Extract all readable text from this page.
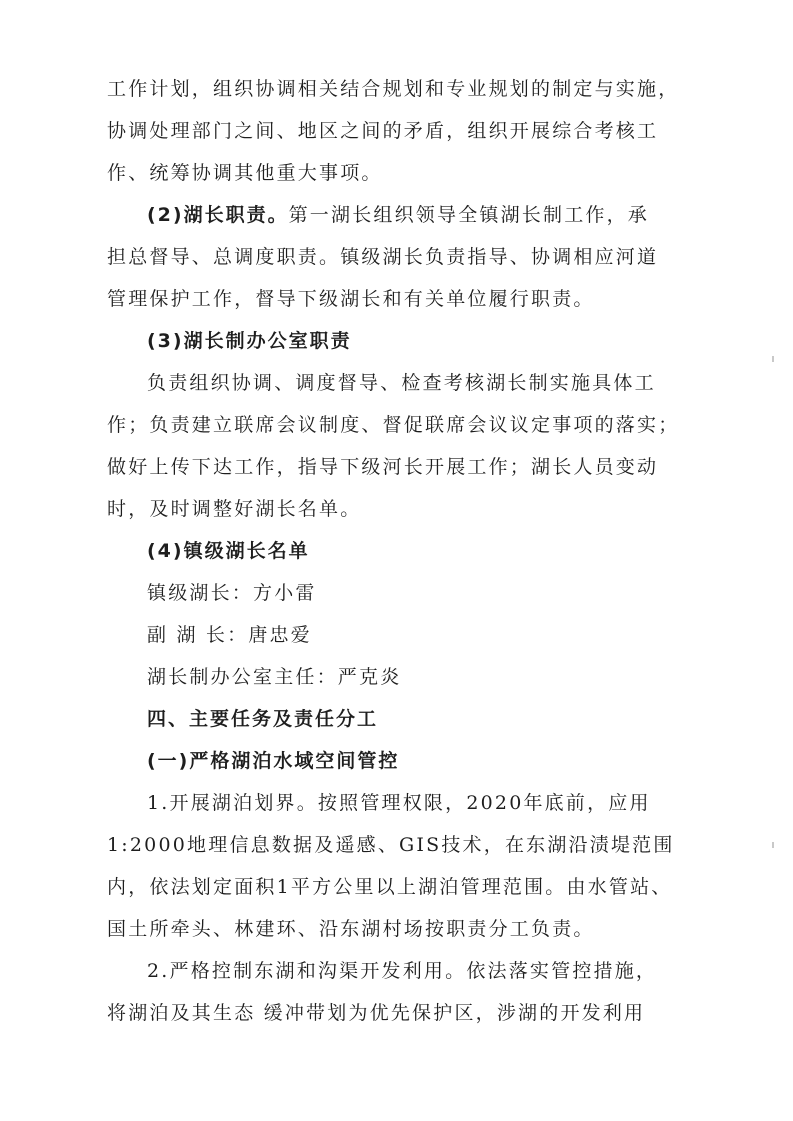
工作计划，组织协调相关结合规划和专业规划的制定与实施，
协调处理部门之间、地区之间的矛盾，组织开展综合考核工
作、统筹协调其他重大事项。
(2)湖长职责。第一湖长组织领导全镇湖长制工作，承
担总督导、总调度职责。镇级湖长负责指导、协调相应河道
管理保护工作，督导下级湖长和有关单位履行职责。
(3)湖长制办公室职责
负责组织协调、调度督导、检查考核湖长制实施具体工
作；负责建立联席会议制度、督促联席会议议定事项的落实；
做好上传下达工作，指导下级河长开展工作；湖长人员变动
时，及时调整好湖长名单。
(4)镇级湖长名单
镇级湖长：方小雷
副 湖 长：唐忠爱
湖长制办公室主任：严克炎
四、主要任务及责任分工
(一)严格湖泊水域空间管控
1.开展湖泊划界。按照管理权限，2020年底前，应用
1:2000地理信息数据及遥感、GIS技术，在东湖沿渍堤范围
内，依法划定面积1平方公里以上湖泊管理范围。由水管站、
国土所牵头、林建环、沿东湖村场按职责分工负责。
2.严格控制东湖和沟渠开发利用。依法落实管控措施，
将湖泊及其生态 缓冲带划为优先保护区，涉湖的开发利用
